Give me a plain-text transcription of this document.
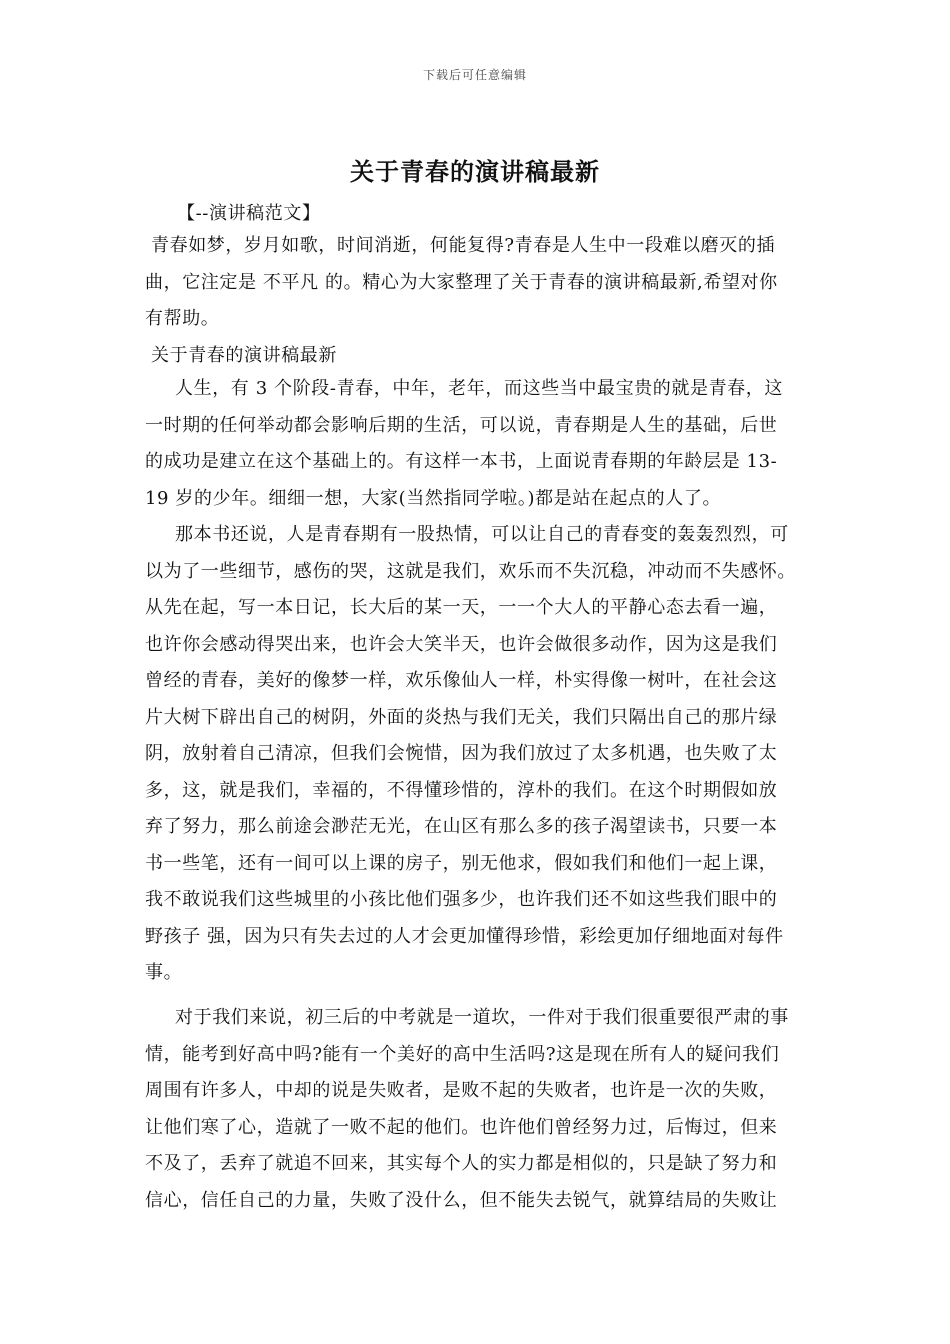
下载后可任意编辑
关于青春的演讲稿最新
【--演讲稿范文】
青春如梦，岁月如歌，时间消逝，何能复得?青春是人生中一段难以磨灭的插
曲，它注定是 不平凡 的。精心为大家整理了关于青春的演讲稿最新,希望对你
有帮助。
关于青春的演讲稿最新
人生，有 3 个阶段-青春，中年，老年，而这些当中最宝贵的就是青春，这
一时期的任何举动都会影响后期的生活，可以说，青春期是人生的基础，后世
的成功是建立在这个基础上的。有这样一本书，上面说青春期的年龄层是 13-
19 岁的少年。细细一想，大家(当然指同学啦。)都是站在起点的人了。
那本书还说，人是青春期有一股热情，可以让自己的青春变的轰轰烈烈，可
以为了一些细节，感伤的哭，这就是我们，欢乐而不失沉稳，冲动而不失感怀。
从先在起，写一本日记，长大后的某一天，一一个大人的平静心态去看一遍，
也许你会感动得哭出来，也许会大笑半天，也许会做很多动作，因为这是我们
曾经的青春，美好的像梦一样，欢乐像仙人一样，朴实得像一树叶，在社会这
片大树下辟出自己的树阴，外面的炎热与我们无关，我们只隔出自己的那片绿
阴，放射着自己清凉，但我们会惋惜，因为我们放过了太多机遇，也失败了太
多，这，就是我们，幸福的，不得懂珍惜的，淳朴的我们。在这个时期假如放
弃了努力，那么前途会渺茫无光，在山区有那么多的孩子渴望读书，只要一本
书一些笔，还有一间可以上课的房子，别无他求，假如我们和他们一起上课，
我不敢说我们这些城里的小孩比他们强多少，也许我们还不如这些我们眼中的
野孩子 强，因为只有失去过的人才会更加懂得珍惜，彩绘更加仔细地面对每件
事。
对于我们来说，初三后的中考就是一道坎，一件对于我们很重要很严肃的事
情，能考到好高中吗?能有一个美好的高中生活吗?这是现在所有人的疑问我们
周围有许多人，中却的说是失败者，是败不起的失败者，也许是一次的失败，
让他们寒了心，造就了一败不起的他们。也许他们曾经努力过，后悔过，但来
不及了，丢弃了就追不回来，其实每个人的实力都是相似的，只是缺了努力和
信心，信任自己的力量，失败了没什么，但不能失去锐气，就算结局的失败让
